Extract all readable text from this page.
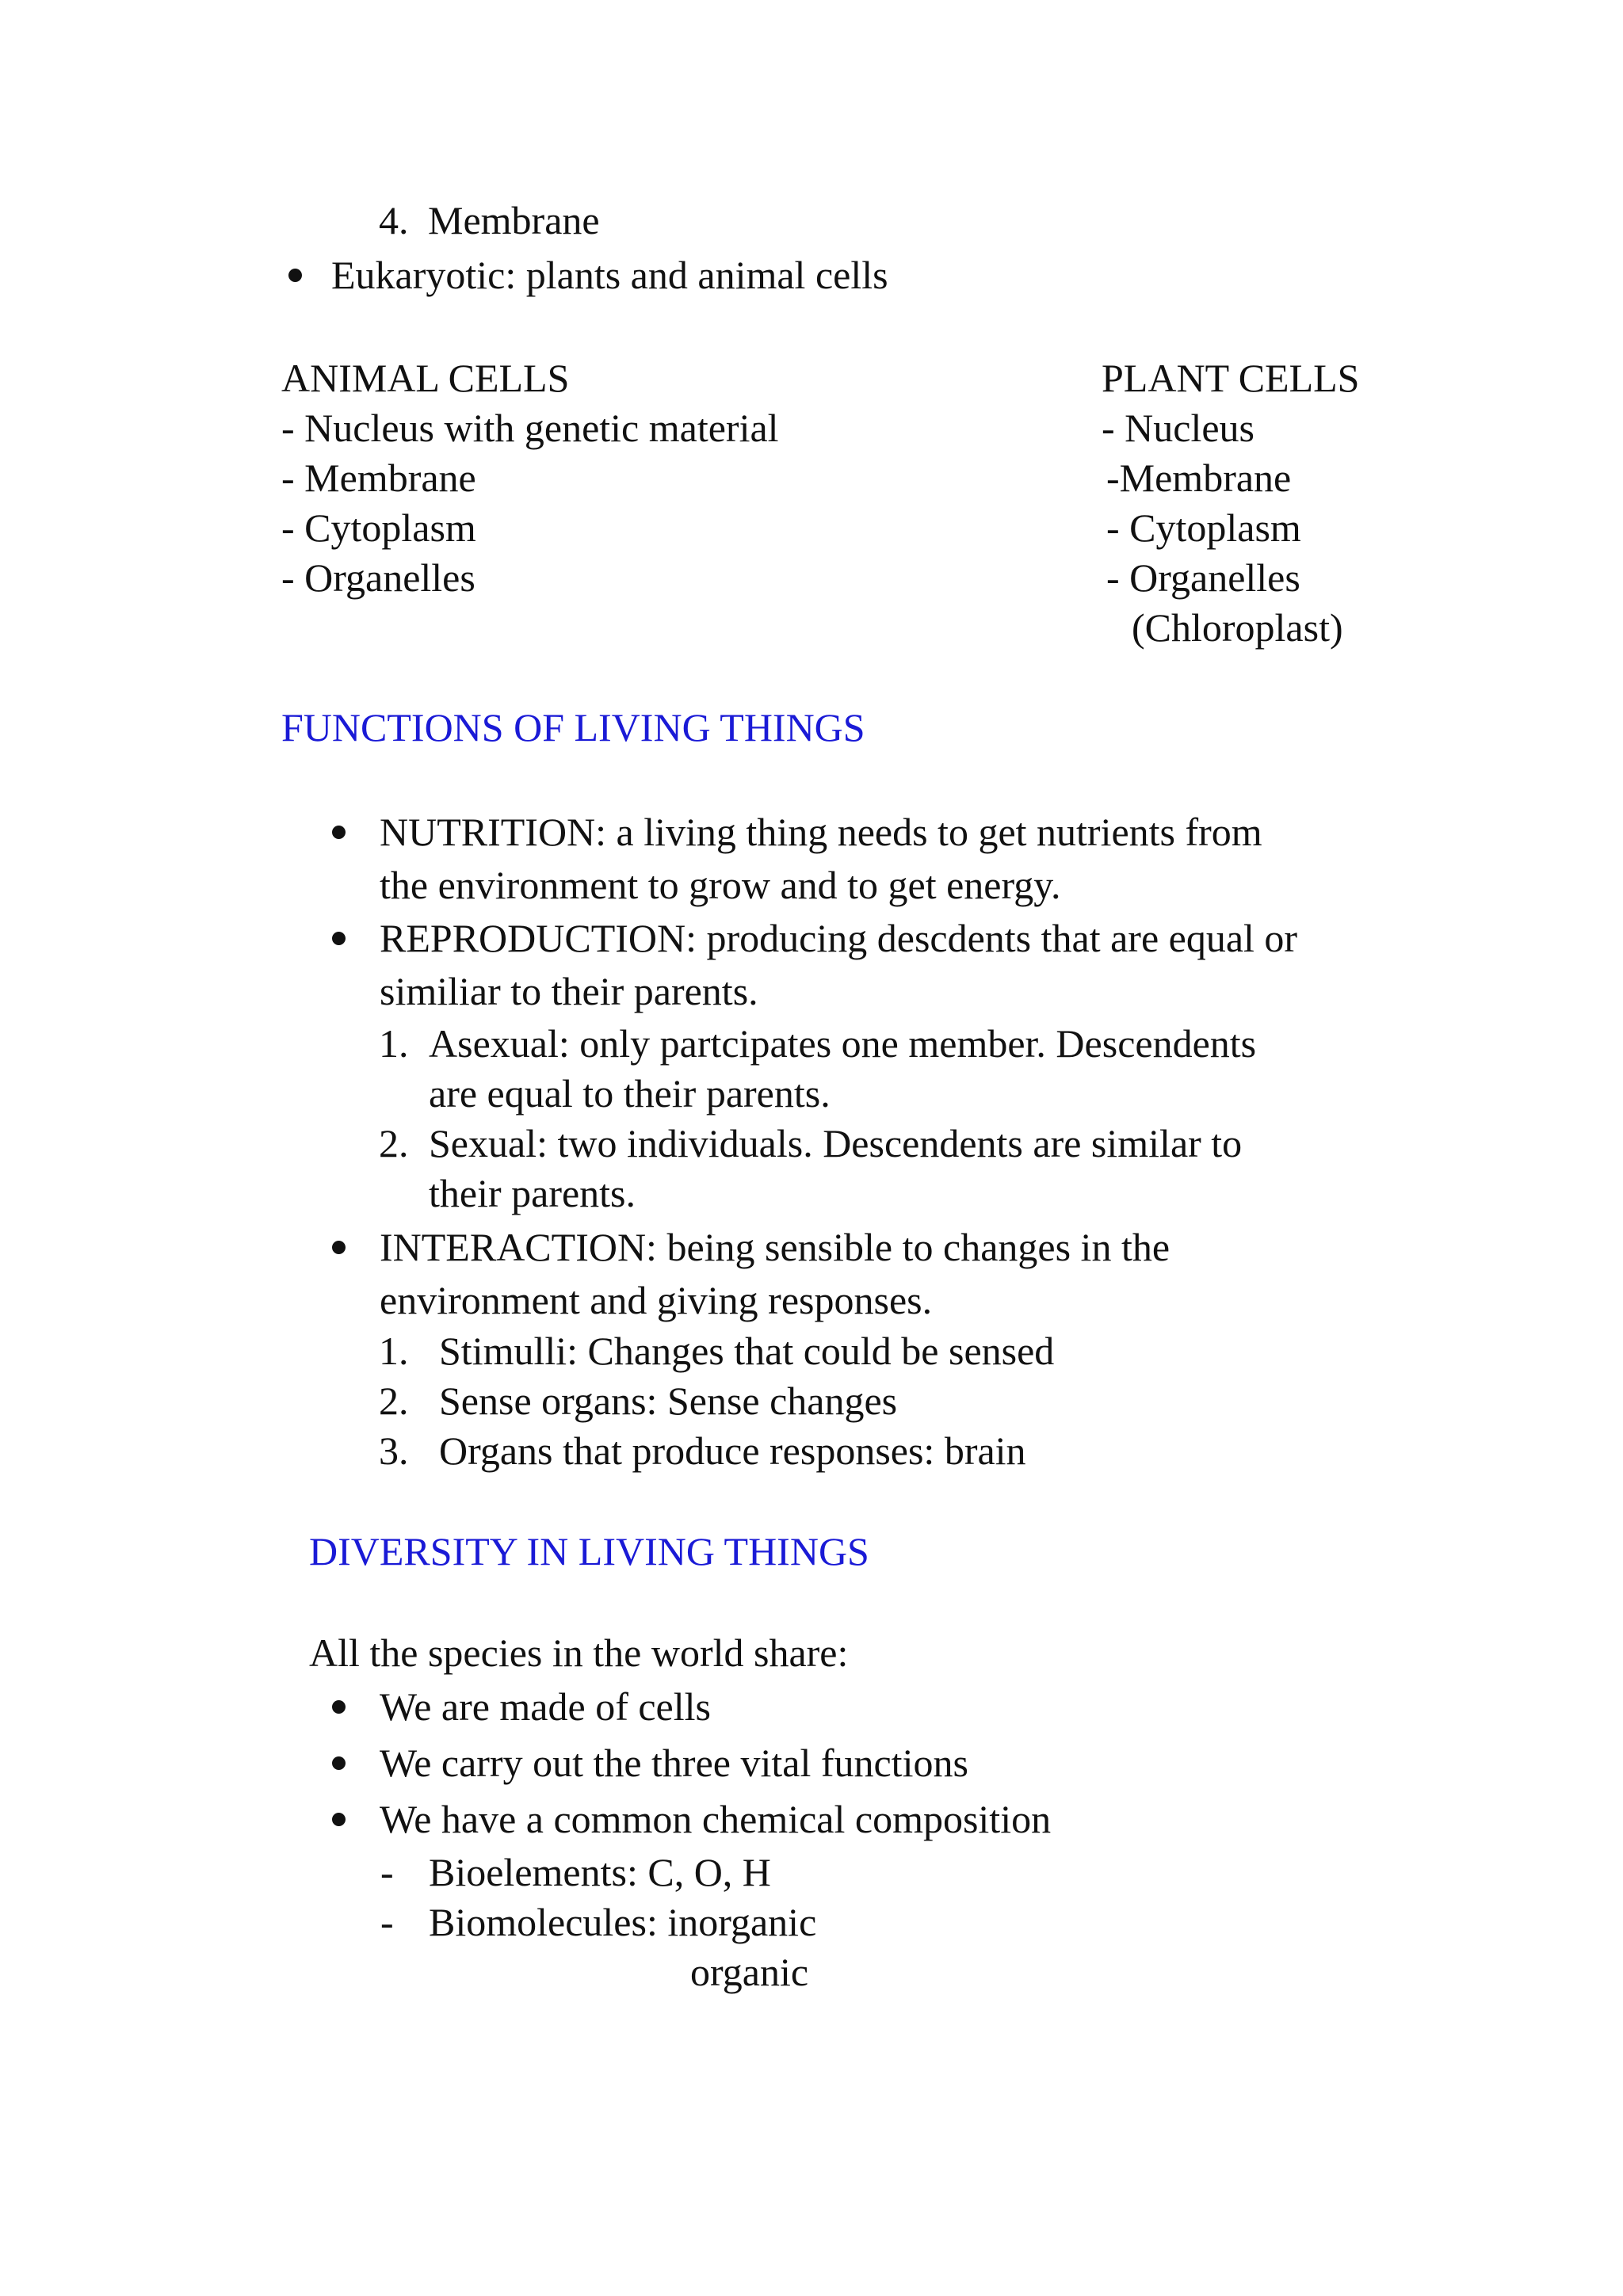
4. Membrane
Eukaryotic: plants and animal cells
ANIMAL CELLS
- Nucleus with genetic material
- Membrane
- Cytoplasm
- Organelles
PLANT CELLS
- Nucleus
-Membrane
- Cytoplasm
- Organelles
(Chloroplast)
FUNCTIONS OF LIVING THINGS
NUTRITION: a living thing needs to get nutrients from
the environment to grow and to get energy.
REPRODUCTION: producing descdents that are equal or
similiar to their parents.
1. Asexual: only partcipates one member. Descendents
are equal to their parents.
2. Sexual: two individuals. Descendents are similar to
their parents.
INTERACTION: being sensible to changes in the
environment and giving responses.
1. Stimulli: Changes that could be sensed
2. Sense organs: Sense changes
3. Organs that produce responses: brain
DIVERSITY IN LIVING THINGS
All the species in the world share:
We are made of cells
We carry out the three vital functions
We have a common chemical composition
- Bioelements: C, O, H
- Biomolecules: inorganic
organic
